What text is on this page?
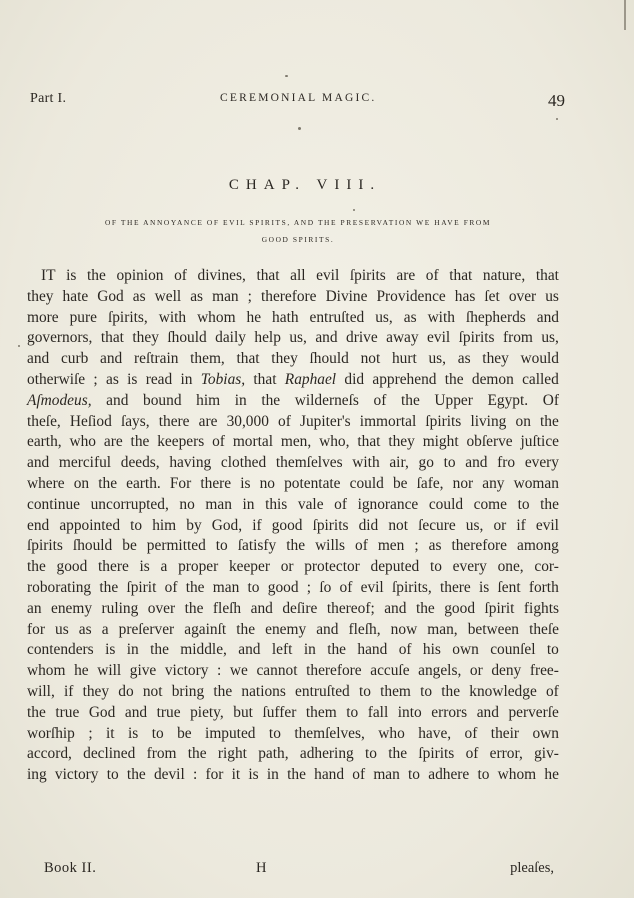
Part I.	CEREMONIAL MAGIC.	49
CHAP. VIII.
OF THE ANNOYANCE OF EVIL SPIRITS, AND THE PRESERVATION WE HAVE FROM
GOOD SPIRITS.
IT is the opinion of divines, that all evil ſpirits are of that nature, that
they hate God as well as man ; therefore Divine Providence has ſet over us
more pure ſpirits, with whom he hath entruſted us, as with ſhepherds and
governors, that they ſhould daily help us, and drive away evil ſpirits from us,
and curb and reſtrain them, that they ſhould not hurt us, as they would
otherwiſe ; as is read in Tobias, that Raphael did apprehend the demon called
Aſmodeus, and bound him in the wilderneſs of the Upper Egypt. Of
theſe, Heſiod ſays, there are 30,000 of Jupiter's immortal ſpirits living on the
earth, who are the keepers of mortal men, who, that they might obſerve juſtice
and merciful deeds, having clothed themſelves with air, go to and fro every
where on the earth. For there is no potentate could be ſafe, nor any woman
continue uncorrupted, no man in this vale of ignorance could come to the
end appointed to him by God, if good ſpirits did not ſecure us, or if evil
ſpirits ſhould be permitted to ſatisfy the wills of men ; as therefore among
the good there is a proper keeper or protector deputed to every one, cor-
roborating the ſpirit of the man to good ; ſo of evil ſpirits, there is ſent forth
an enemy ruling over the fleſh and deſire thereof; and the good ſpirit fights
for us as a preſerver againſt the enemy and fleſh, now man, between theſe
contenders is in the middle, and left in the hand of his own counſel to
whom he will give victory : we cannot therefore accuſe angels, or deny free-
will, if they do not bring the nations entruſted to them to the knowledge of
the true God and true piety, but ſuffer them to fall into errors and perverſe
worſhip ; it is to be imputed to themſelves, who have, of their own
accord, declined from the right path, adhering to the ſpirits of error, giv-
ing victory to the devil : for it is in the hand of man to adhere to whom he
Book II.	H	pleaſes,
